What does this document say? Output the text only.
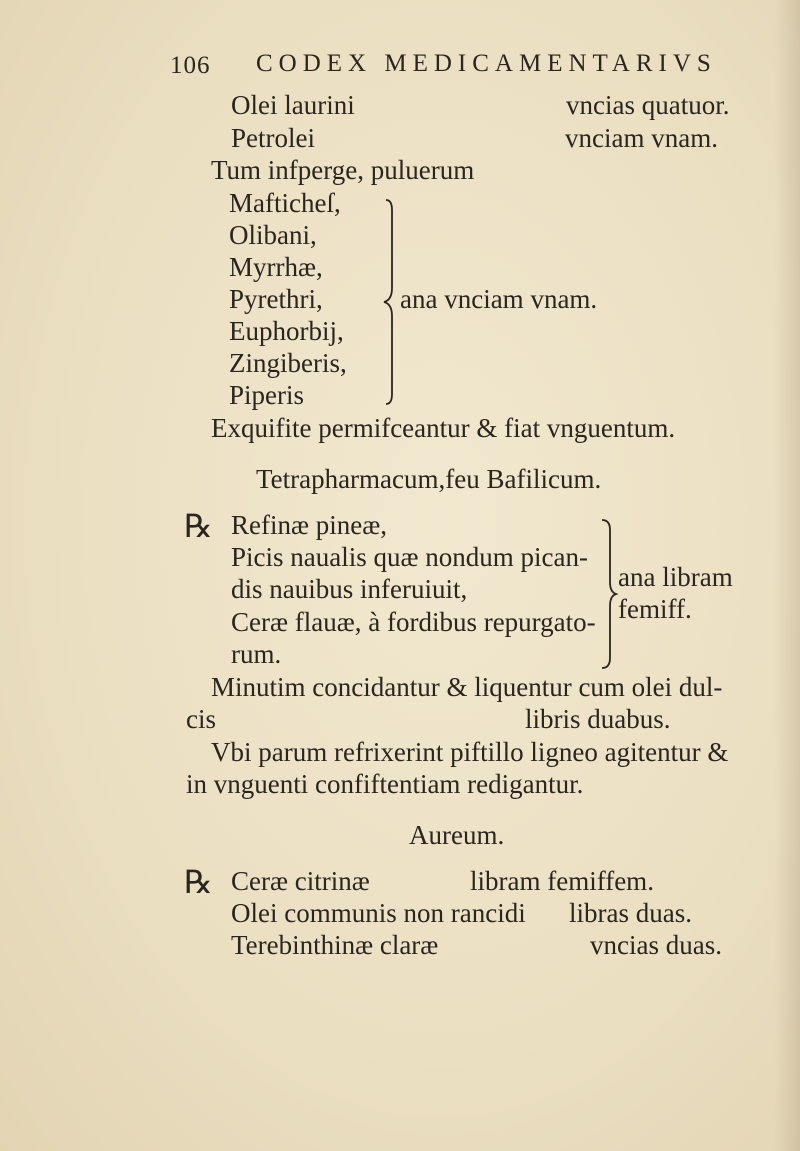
106 CODEX MEDICAMENTARIVS
Olei laurini	vncias quatuor.
Petrolei	vnciam vnam.
Tum infperge, puluerum
Mafticheſ,
Olibani,
Myrrhæ,
Pyrethri,
Euphorbij,
Zingiberis,
Piperis
ana vnciam vnam.
Exquifite permifceantur & fiat vnguentum.
Tetrapharmacum,feu Bafilicum.
℞ Refinæ pineæ,
Picis naualis quæ nondum pican-
dis nauibus inferuiuit,
Ceræ flauæ, à fordibus repurgato-
rum.
ana libram
femiff.
Minutim concidantur & liquentur cum olei dul-
cis	libris duabus.
Vbi parum refrixerint piftillo ligneo agitentur &
in vnguenti confiftentiam redigantur.
Aureum.
℞ Ceræ citrinæ	libram femiffem.
Olei communis non rancidi libras duas.
Terebinthinæ claræ	vncias duas.
